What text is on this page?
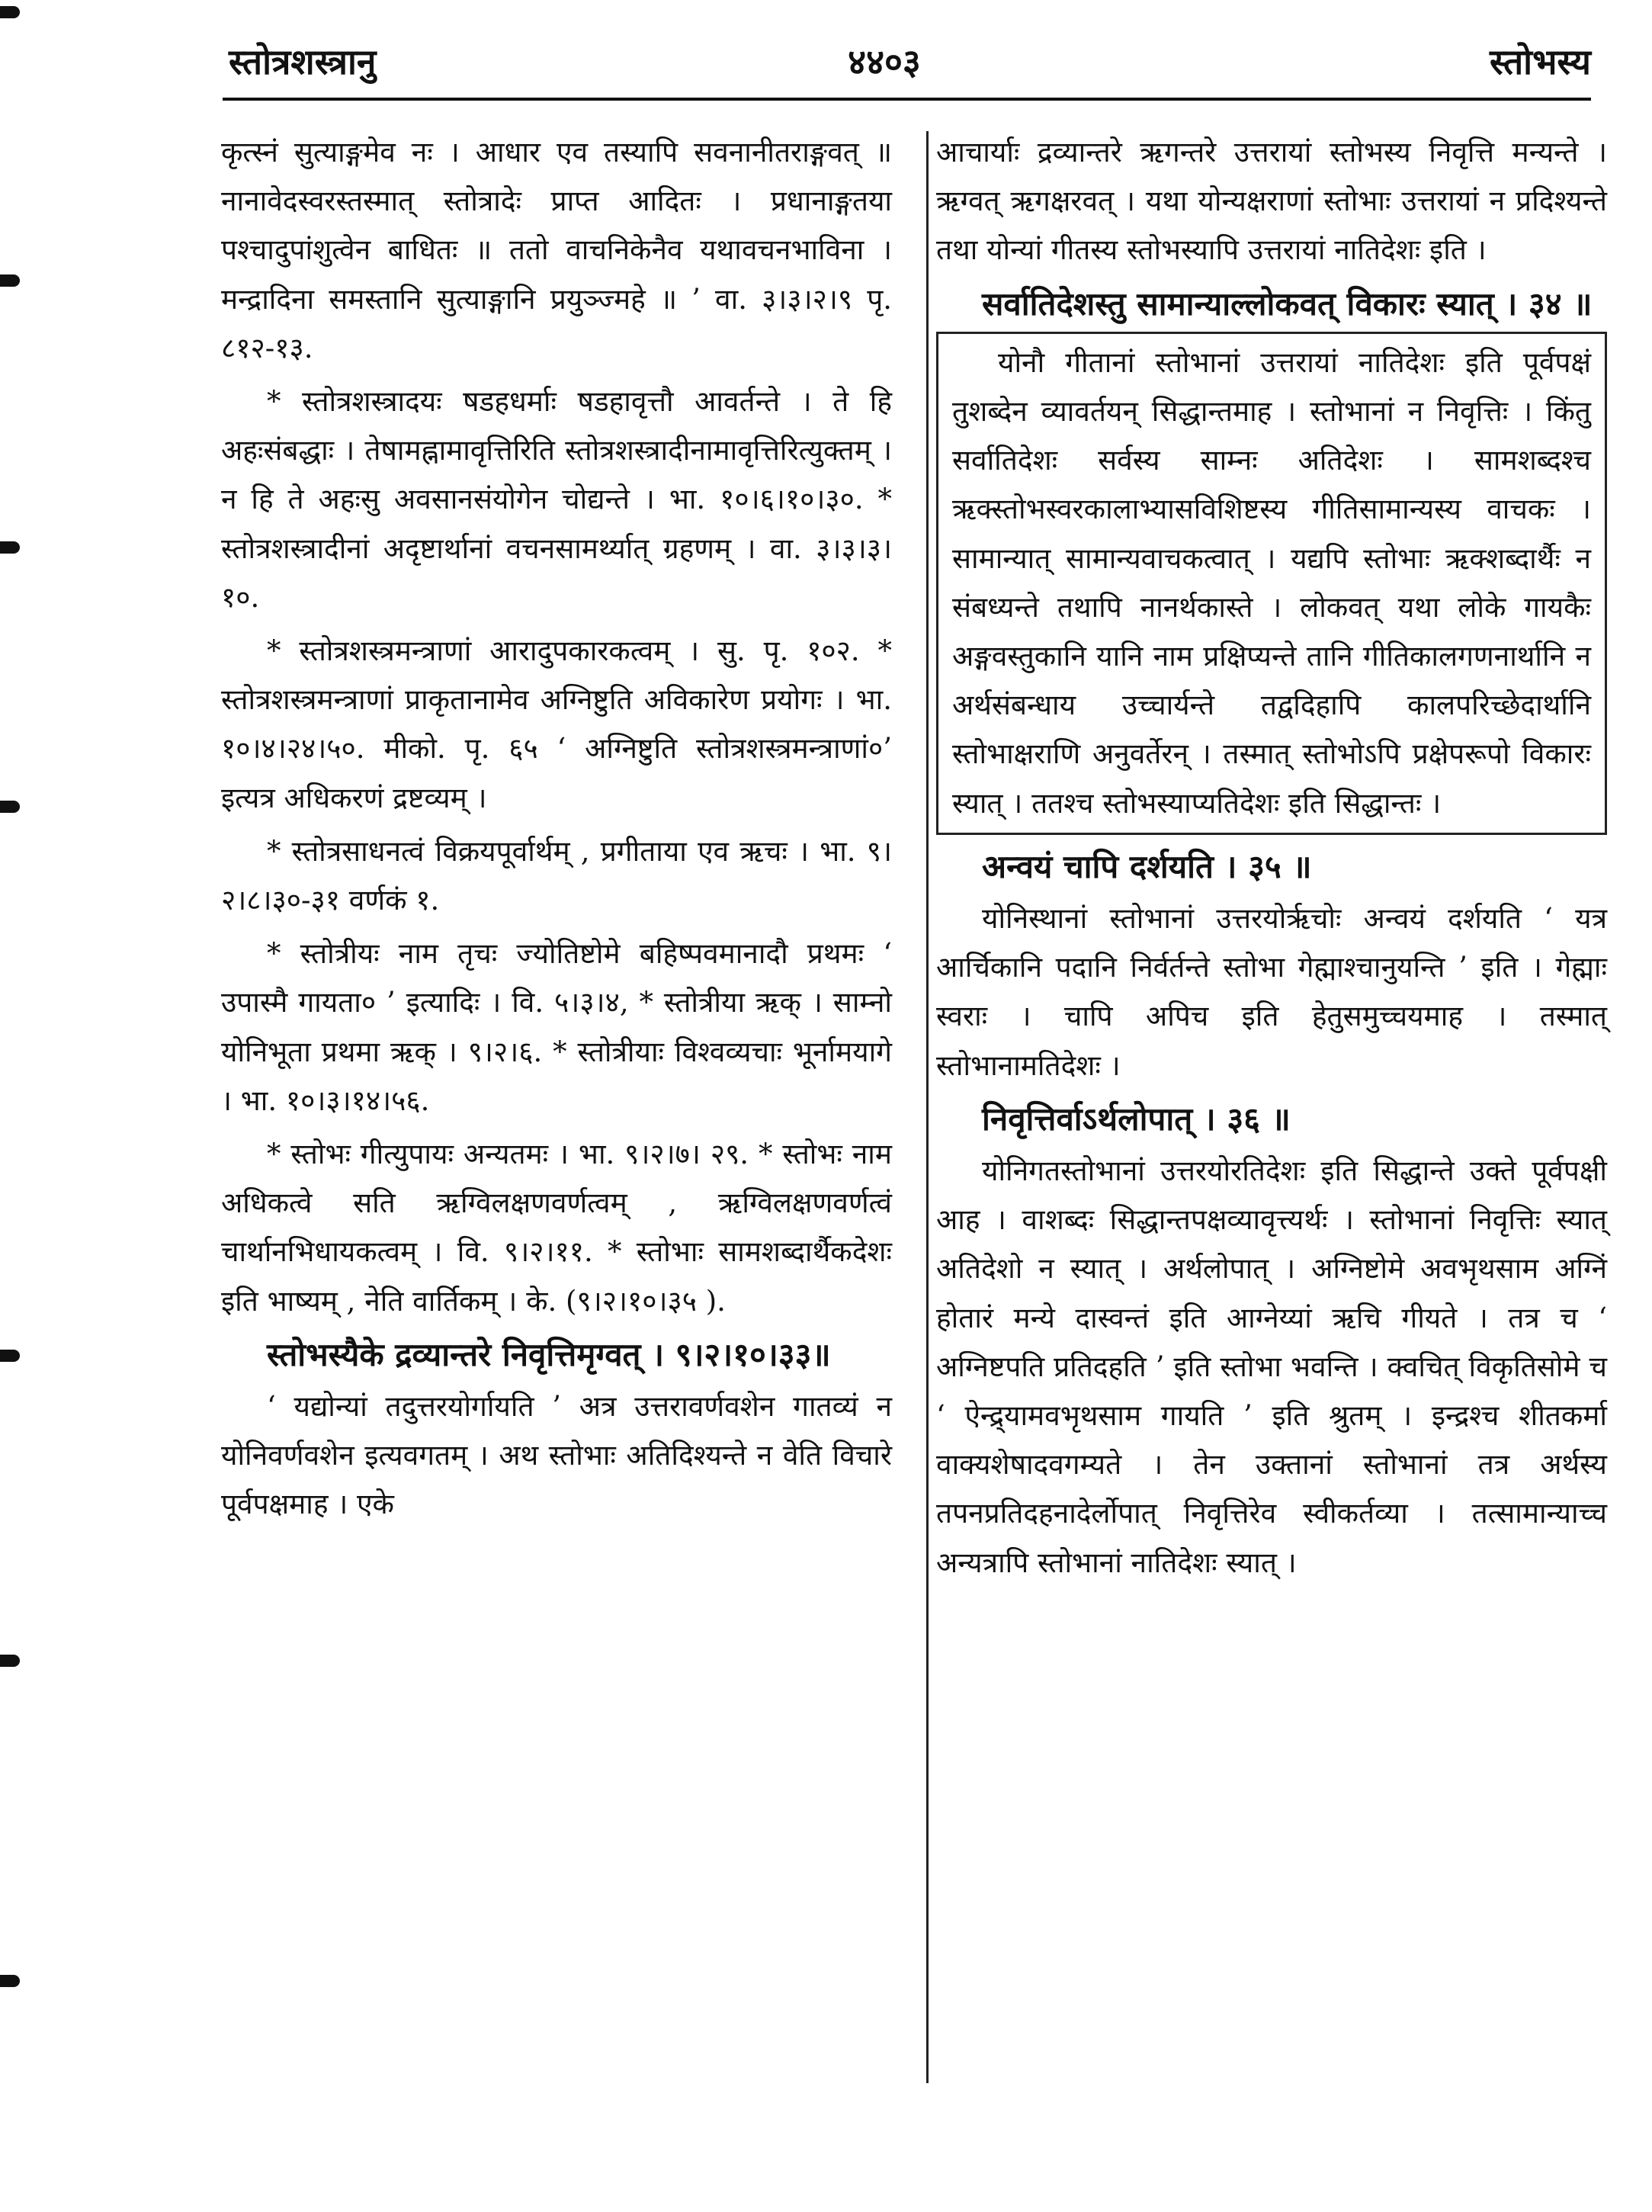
स्तोत्रशस्त्रानु	४४०३	स्तोभस्य

कृत्स्नं सुत्याङ्गमेव नः । आधार एव तस्यापि सवनानीतराङ्गवत् ॥ नानावेदस्वरस्तस्मात् स्तोत्रादेः प्राप्त आदितः । प्रधानाङ्गतया पश्चादुपांशुत्वेन बाधितः ॥ ततो वाचनिकेनैव यथावचनभाविना । मन्द्रादिना समस्तानि सुत्याङ्गानि प्रयुञ्ज्महे ॥ ’ वा. ३।३।२।९ पृ. ८१२-१३.

* स्तोत्रशस्त्रादयः षडहधर्माः षडहावृत्तौ आवर्तन्ते । ते हि अहःसंबद्धाः । तेषामह्नामावृत्तिरिति स्तोत्रशस्त्रादीनामावृत्तिरित्युक्तम् । न हि ते अहःसु अवसानसंयोगेन चोद्यन्ते । भा. १०।६।१०।३०. * स्तोत्रशस्त्रादीनां अदृष्टार्थानां वचनसामर्थ्यात् ग्रहणम् । वा. ३।३।३।१०.

* स्तोत्रशस्त्रमन्त्राणां आरादुपकारकत्वम् । सु. पृ. १०२. * स्तोत्रशस्त्रमन्त्राणां प्राकृतानामेव अग्निष्टुति अविकारेण प्रयोगः । भा. १०।४।२४।५०. मीको. पृ. ६५ ‘ अग्निष्टुति स्तोत्रशस्त्रमन्त्राणां०’ इत्यत्र अधिकरणं द्रष्टव्यम् ।

* स्तोत्रसाधनत्वं विक्रयपूर्वार्थम् , प्रगीताया एव ऋचः । भा. ९।२।८।३०-३१ वर्णकं १.

* स्तोत्रीयः नाम तृचः ज्योतिष्टोमे बहिष्पवमानादौ प्रथमः ‘ उपास्मै गायता० ’ इत्यादिः । वि. ५।३।४, * स्तोत्रीया ऋक् । साम्नो योनिभूता प्रथमा ऋक् । ९।२।६. * स्तोत्रीयाः विश्वव्यचाः भूर्नामयागे । भा. १०।३।१४।५६.

* स्तोभः गीत्युपायः अन्यतमः । भा. ९।२।७। २९. * स्तोभः नाम अधिकत्वे सति ऋग्विलक्षणवर्णत्वम् , ऋग्विलक्षणवर्णत्वं चार्थानभिधायकत्वम् । वि. ९।२।११. * स्तोभाः सामशब्दार्थैकदेशः इति भाष्यम् , नेति वार्तिकम् । के. (९।२।१०।३५ ).

स्तोभस्यैके द्रव्यान्तरे निवृत्तिमृग्वत् । ९।२।१०।३३॥

‘ यद्योन्यां तदुत्तरयोर्गायति ’ अत्र उत्तरावर्णवशेन गातव्यं न योनिवर्णवशेन इत्यवगतम् । अथ स्तोभाः अतिदिश्यन्ते न वेति विचारे पूर्वपक्षमाह । एके

आचार्याः द्रव्यान्तरे ऋगन्तरे उत्तरायां स्तोभस्य निवृत्ति मन्यन्ते । ऋग्वत् ऋगक्षरवत् । यथा योन्यक्षराणां स्तोभाः उत्तरायां न प्रदिश्यन्ते तथा योन्यां गीतस्य स्तोभस्यापि उत्तरायां नातिदेशः इति ।

सर्वातिदेशस्तु सामान्याल्लोकवत् विकारः स्यात् । ३४ ॥

योनौ गीतानां स्तोभानां उत्तरायां नातिदेशः इति पूर्वपक्षं तुशब्देन व्यावर्तयन् सिद्धान्तमाह । स्तोभानां न निवृत्तिः । किंतु सर्वातिदेशः सर्वस्य साम्नः अतिदेशः । सामशब्दश्च ऋक्स्तोभस्वरकालाभ्यासविशिष्टस्य गीतिसामान्यस्य वाचकः । सामान्यात् सामान्यवाचकत्वात् । यद्यपि स्तोभाः ऋक्शब्दार्थैः न संबध्यन्ते तथापि नानर्थकास्ते । लोकवत् यथा लोके गायकैः अङ्गवस्तुकानि यानि नाम प्रक्षिप्यन्ते तानि गीतिकालगणनार्थानि न अर्थसंबन्धाय उच्चार्यन्ते तद्वदिहापि कालपरिच्छेदार्थानि स्तोभाक्षराणि अनुवर्तेरन् । तस्मात् स्तोभोऽपि प्रक्षेपरूपो विकारः स्यात् । ततश्च स्तोभस्याप्यतिदेशः इति सिद्धान्तः ।

अन्वयं चापि दर्शयति । ३५ ॥

योनिस्थानां स्तोभानां उत्तरयोर्ऋचोः अन्वयं दर्शयति ‘ यत्र आर्चिकानि पदानि निर्वर्तन्ते स्तोभा गेह्माश्चानुयन्ति ’ इति । गेह्माः स्वराः । चापि अपिच इति हेतुसमुच्चयमाह । तस्मात् स्तोभानामतिदेशः ।

निवृत्तिर्वाऽर्थलोपात् । ३६ ॥

योनिगतस्तोभानां उत्तरयोरतिदेशः इति सिद्धान्ते उक्ते पूर्वपक्षी आह । वाशब्दः सिद्धान्तपक्षव्यावृत्त्यर्थः । स्तोभानां निवृत्तिः स्यात् अतिदेशो न स्यात् । अर्थलोपात् । अग्निष्टोमे अवभृथसाम अग्निं होतारं मन्ये दास्वन्तं इति आग्नेय्यां ऋचि गीयते । तत्र च ‘ अग्निष्टपति प्रतिदहति ’ इति स्तोभा भवन्ति । क्वचित् विकृतिसोमे च ‘ ऐन्द्र्यामवभृथसाम गायति ’ इति श्रुतम् । इन्द्रश्च शीतकर्मा वाक्यशेषादवगम्यते । तेन उक्तानां स्तोभानां तत्र अर्थस्य तपनप्रतिदहनादेर्लोपात् निवृत्तिरेव स्वीकर्तव्या । तत्सामान्याच्च अन्यत्रापि स्तोभानां नातिदेशः स्यात् ।
